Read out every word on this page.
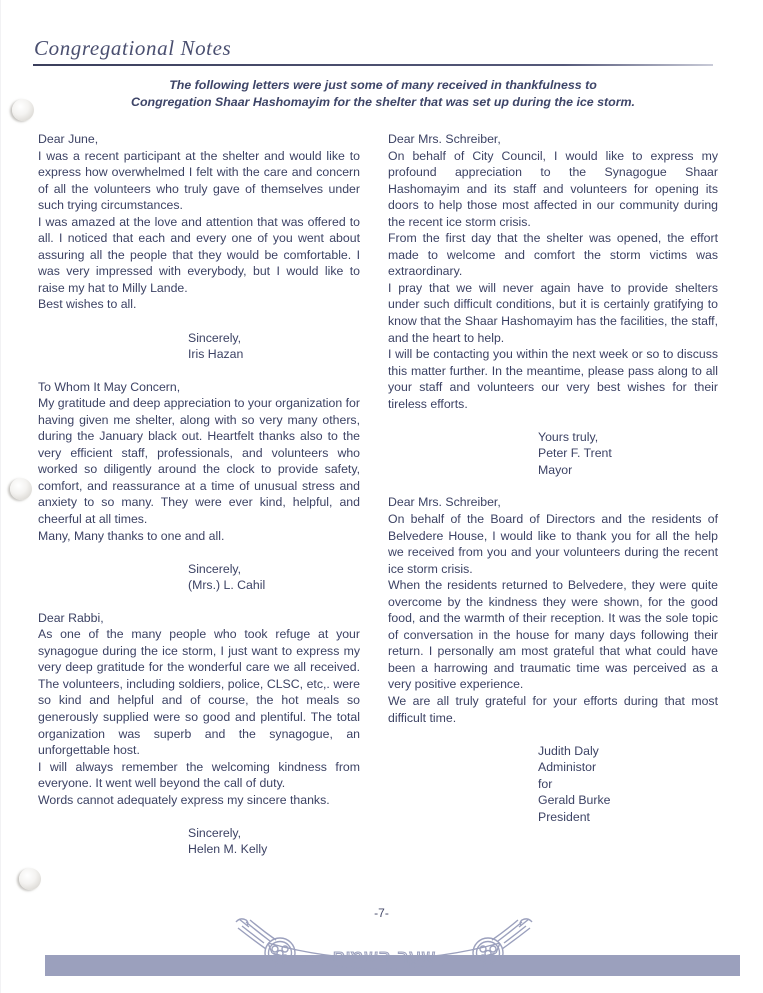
Congregational Notes
The following letters were just some of many received in thankfulness to
Congregation Shaar Hashomayim for the shelter that was set up during the ice storm.
Dear June,
I was a recent participant at the shelter and would like to express how overwhelmed I felt with the care and concern of all the volunteers who truly gave of themselves under such trying circumstances.
I was amazed at the love and attention that was offered to all. I noticed that each and every one of you went about assuring all the people that they would be comfortable. I was very impressed with everybody, but I would like to raise my hat to Milly Lande.
Best wishes to all.
Sincerely,
Iris Hazan
To Whom It May Concern,
My gratitude and deep appreciation to your organization for having given me shelter, along with so very many others, during the January black out. Heartfelt thanks also to the very efficient staff, professionals, and volunteers who worked so diligently around the clock to provide safety, comfort, and reassurance at a time of unusual stress and anxiety to so many. They were ever kind, helpful, and cheerful at all times.
Many, Many thanks to one and all.
Sincerely,
(Mrs.) L. Cahil
Dear Rabbi,
As one of the many people who took refuge at your synagogue during the ice storm, I just want to express my very deep gratitude for the wonderful care we all received. The volunteers, including soldiers, police, CLSC, etc,. were so kind and helpful and of course, the hot meals so generously supplied were so good and plentiful. The total organization was superb and the synagogue, an unforgettable host.
I will always remember the welcoming kindness from everyone. It went well beyond the call of duty.
Words cannot adequately express my sincere thanks.
Sincerely,
Helen M. Kelly
Dear Mrs. Schreiber,
On behalf of City Council, I would like to express my profound appreciation to the Synagogue Shaar Hashomayim and its staff and volunteers for opening its doors to help those most affected in our community during the recent ice storm crisis.
From the first day that the shelter was opened, the effort made to welcome and comfort the storm victims was extraordinary.
I pray that we will never again have to provide shelters under such difficult conditions, but it is certainly gratifying to know that the Shaar Hashomayim has the facilities, the staff, and the heart to help.
I will be contacting you within the next week or so to discuss this matter further. In the meantime, please pass along to all your staff and volunteers our very best wishes for their tireless efforts.
Yours truly,
Peter F. Trent
Mayor
Dear Mrs. Schreiber,
On behalf of the Board of Directors and the residents of Belvedere House, I would like to thank you for all the help we received from you and your volunteers during the recent ice storm crisis.
When the residents returned to Belvedere, they were quite overcome by the kindness they were shown, for the good food, and the warmth of their reception. It was the sole topic of conversation in the house for many days following their return. I personally am most grateful that what could have been a harrowing and traumatic time was perceived as a very positive experience.
We are all truly grateful for your efforts during that most difficult time.
Judith Daly
Administor
for
Gerald Burke
President
-7-
שער השמים
